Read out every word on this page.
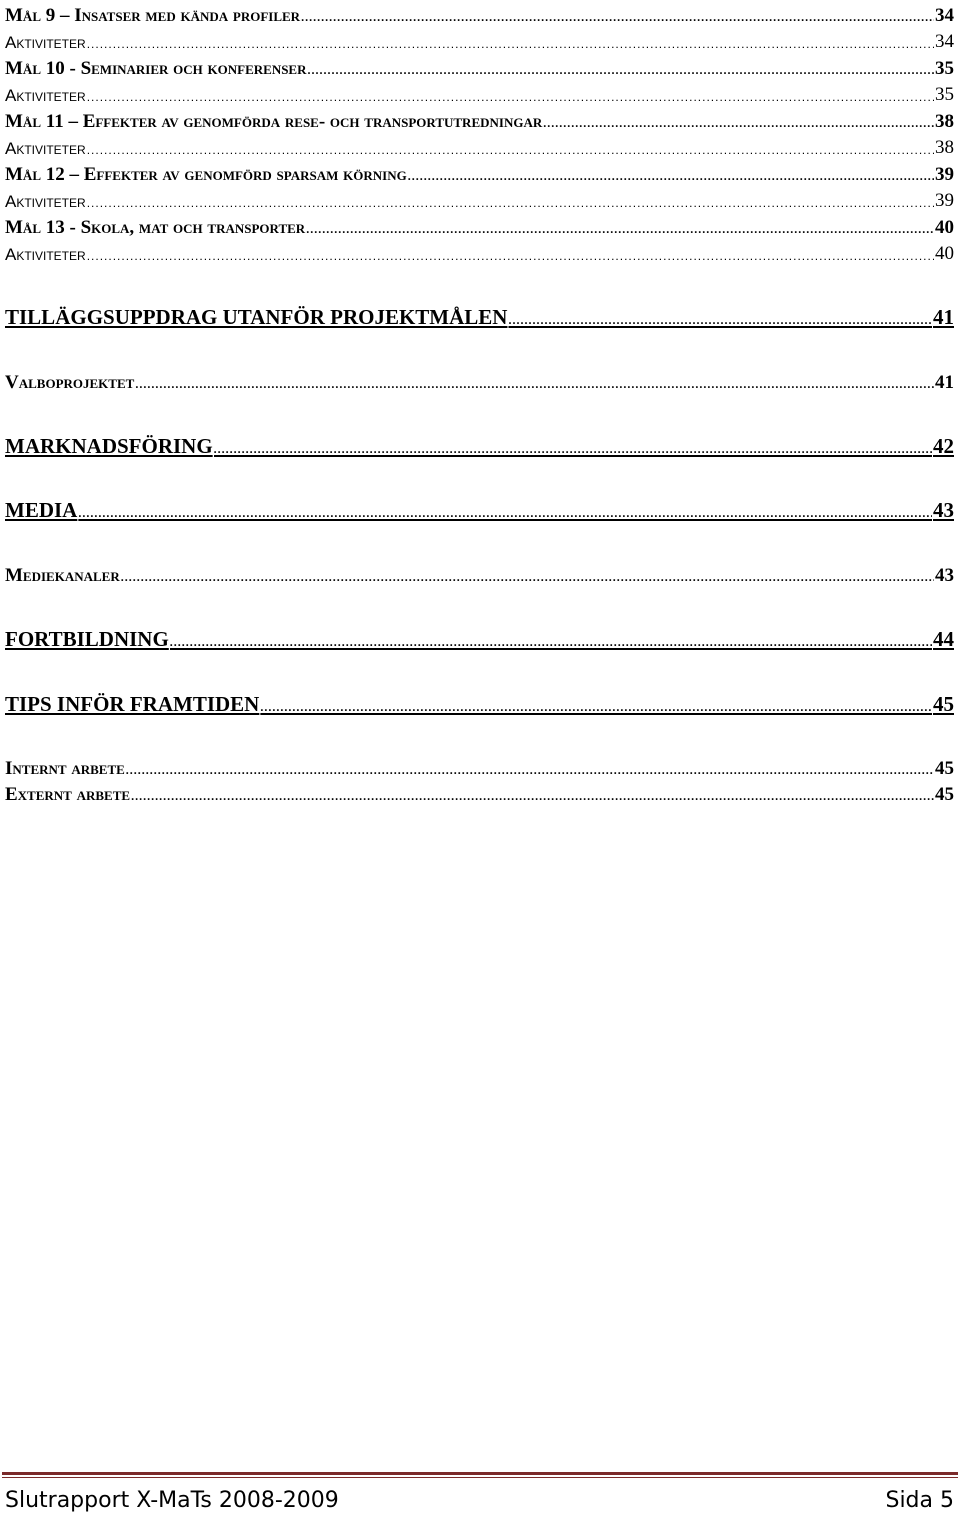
Mål 9 – Insatser med kända profiler .....	34
Aktiviteter .....	34
Mål 10 - Seminarier och konferenser .....	35
Aktiviteter .....	35
Mål 11 – Effekter av genomförda rese- och transportutredningar .....	38
Aktiviteter .....	38
Mål 12 – Effekter av genomförd sparsam körning .....	39
Aktiviteter .....	39
Mål 13 - Skola, mat och transporter .....	40
Aktiviteter .....	40
TILLÄGGSUPPDRAG UTANFÖR PROJEKTMÅLEN .....	41
Valboprojektet .....	41
MARKNADSFÖRING .....	42
MEDIA .....	43
Mediekanaler .....	43
FORTBILDNING .....	44
TIPS INFÖR FRAMTIDEN .....	45
Internt arbete .....	45
Externt arbete .....	45
Slutrapport X-MaTs 2008-2009	Sida 5
